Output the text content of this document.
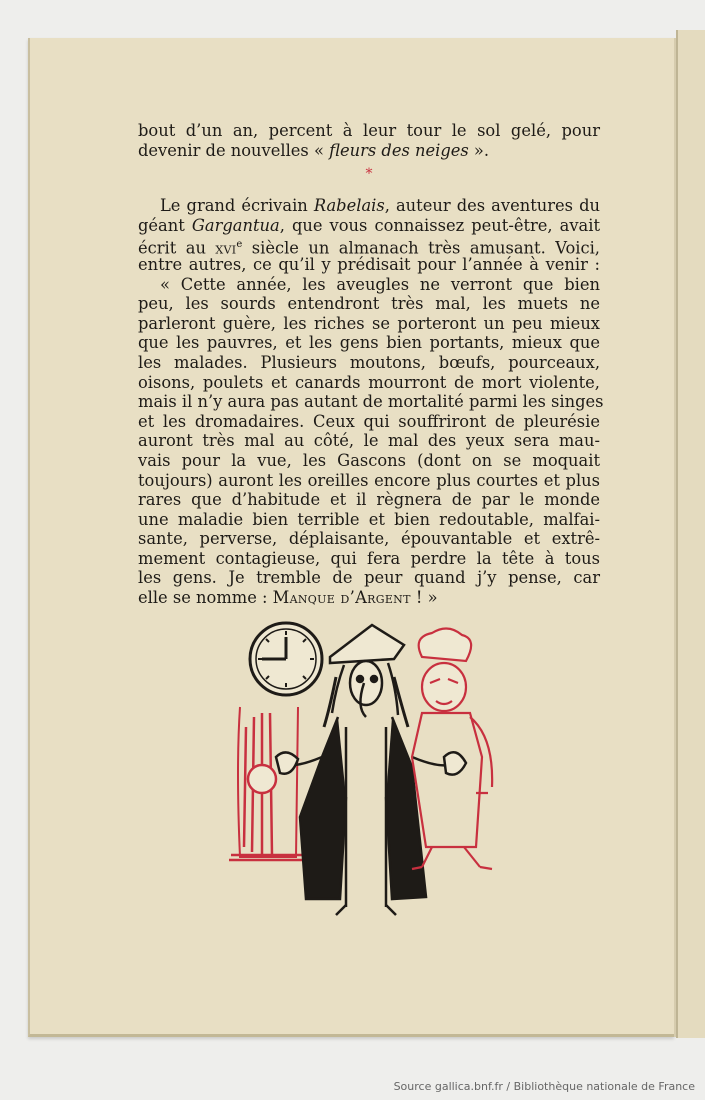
bout d’un an, percent à leur tour le sol gelé, pour
devenir de nouvelles « fleurs des neiges ».

*

Le grand écrivain Rabelais, auteur des aventures du
géant Gargantua, que vous connaissez peut-être, avait
écrit au xvi$^e$ siècle un almanach très amusant. Voici,
entre autres, ce qu’il y prédisait pour l’année à venir :
« Cette année, les aveugles ne verront que bien
peu, les sourds entendront très mal, les muets ne
parleront guère, les riches se porteront un peu mieux
que les pauvres, et les gens bien portants, mieux que
les malades. Plusieurs moutons, bœufs, pourceaux,
oisons, poulets et canards mourront de mort violente,
mais il n’y aura pas autant de mortalité parmi les singes
et les dromadaires. Ceux qui souffriront de pleurésie
auront très mal au côté, le mal des yeux sera mau-
vais pour la vue, les Gascons (dont on se moquait
toujours) auront les oreilles encore plus courtes et plus
rares que d’habitude et il règnera de par le monde
une maladie bien terrible et bien redoutable, malfai-
sante, perverse, déplaisante, épouvantable et extrê-
mement contagieuse, qui fera perdre la tête à tous
les gens. Je tremble de peur quand j’y pense, car
elle se nomme : Manque d’Argent ! »

Source gallica.bnf.fr / Bibliothèque nationale de France
